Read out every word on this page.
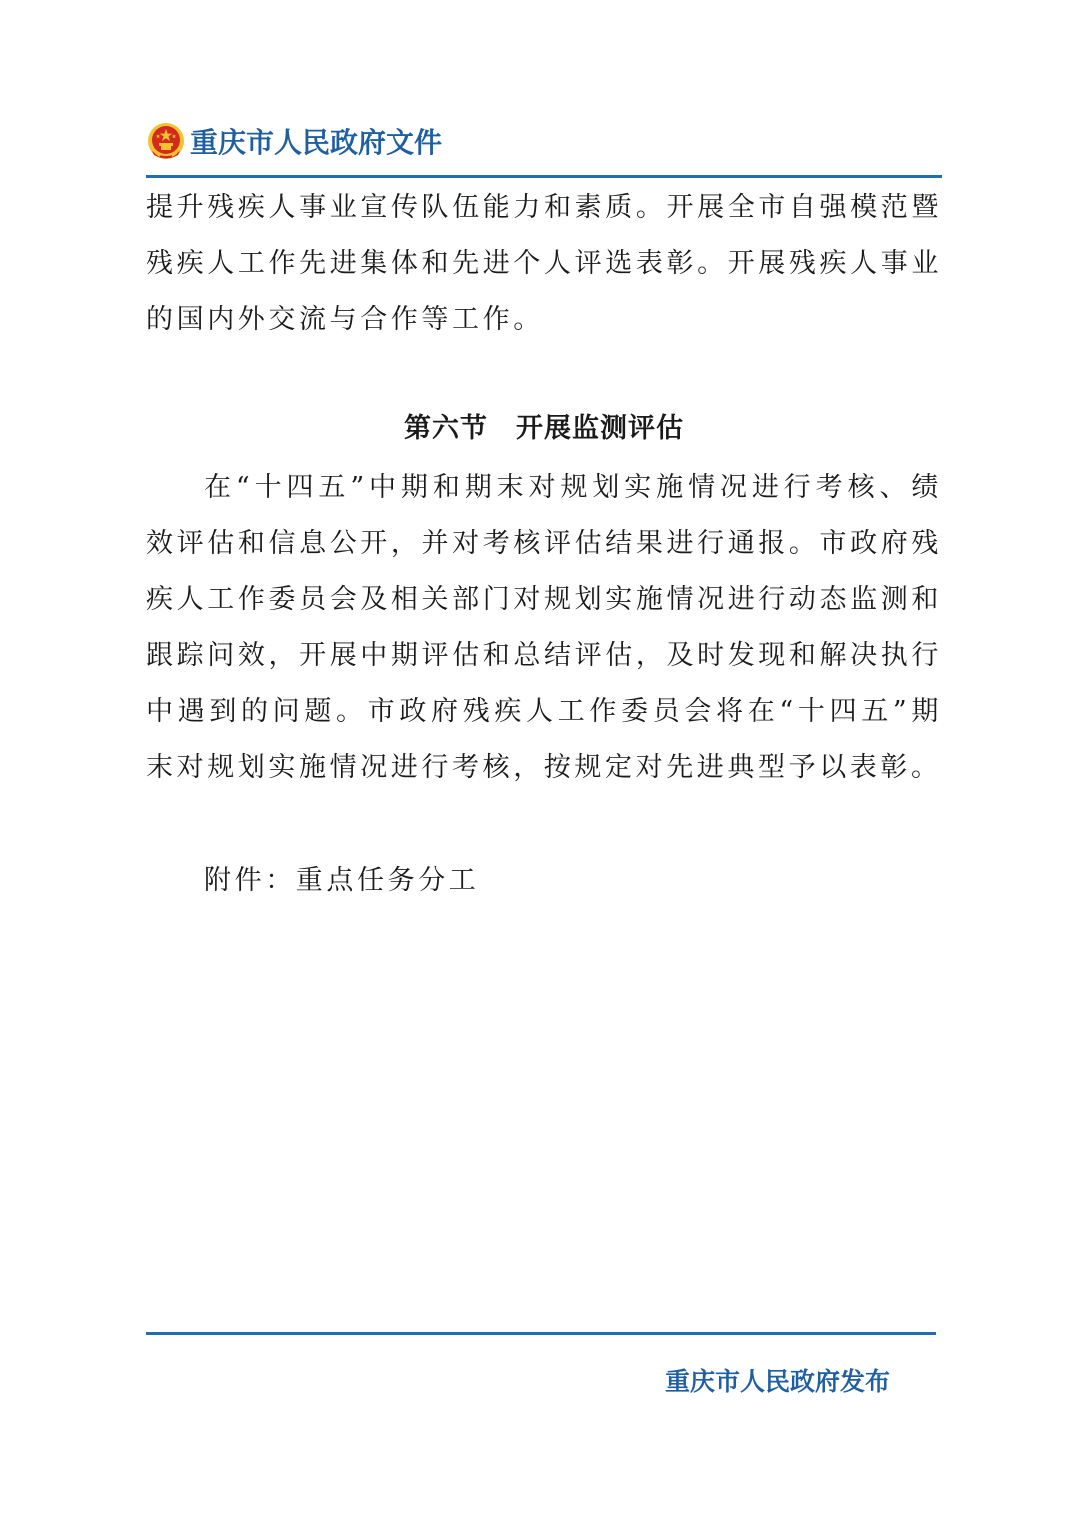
重庆市人民政府文件
提升残疾人事业宣传队伍能力和素质。开展全市自强模范暨残疾人工作先进集体和先进个人评选表彰。开展残疾人事业的国内外交流与合作等工作。
第六节　开展监测评估
在“十四五”中期和期末对规划实施情况进行考核、绩效评估和信息公开，并对考核评估结果进行通报。市政府残疾人工作委员会及相关部门对规划实施情况进行动态监测和跟踪问效，开展中期评估和总结评估，及时发现和解决执行中遇到的问题。市政府残疾人工作委员会将在“十四五”期末对规划实施情况进行考核，按规定对先进典型予以表彰。
附件：重点任务分工
重庆市人民政府发布
